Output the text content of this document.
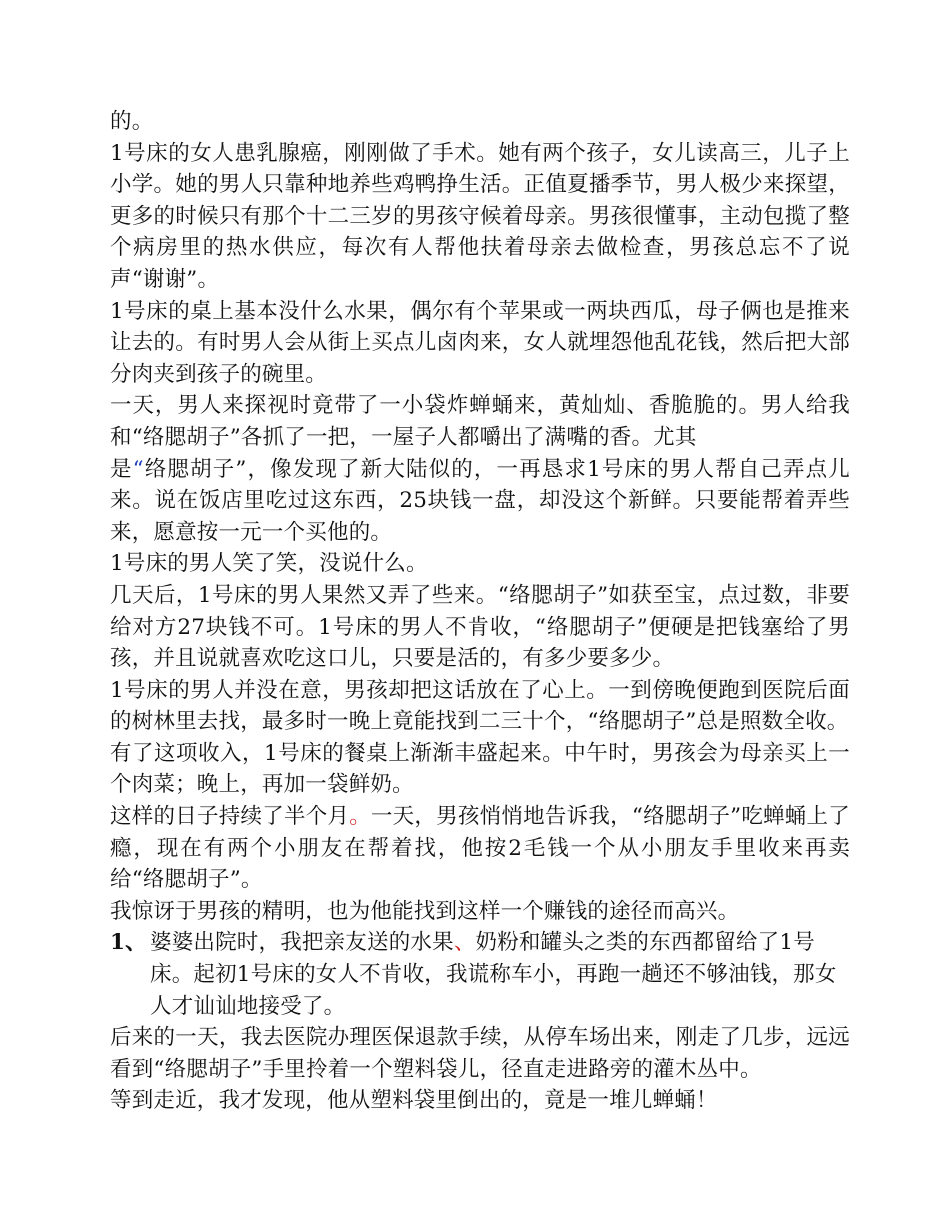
的。

1号床的女人患乳腺癌，刚刚做了手术。她有两个孩子，女儿读高三，儿子上小学。她的男人只靠种地养些鸡鸭挣生活。正值夏播季节，男人极少来探望，更多的时候只有那个十二三岁的男孩守候着母亲。男孩很懂事，主动包揽了整个病房里的热水供应，每次有人帮他扶着母亲去做检查，男孩总忘不了说声“谢谢”。

1号床的桌上基本没什么水果，偶尔有个苹果或一两块西瓜，母子俩也是推来让去的。有时男人会从街上买点儿卤肉来，女人就埋怨他乱花钱，然后把大部分肉夹到孩子的碗里。

一天，男人来探视时竟带了一小袋炸蝉蛹来，黄灿灿、香脆脆的。男人给我和“络腮胡子”各抓了一把，一屋子人都嚼出了满嘴的香。尤其
是“络腮胡子”，像发现了新大陆似的，一再恳求1号床的男人帮自己弄点儿来。说在饭店里吃过这东西，25块钱一盘，却没这个新鲜。只要能帮着弄些来，愿意按一元一个买他的。

1号床的男人笑了笑，没说什么。

几天后，1号床的男人果然又弄了些来。“络腮胡子”如获至宝，点过数，非要给对方27块钱不可。1号床的男人不肯收，“络腮胡子”便硬是把钱塞给了男孩，并且说就喜欢吃这口儿，只要是活的，有多少要多少。

1号床的男人并没在意，男孩却把这话放在了心上。一到傍晚便跑到医院后面的树林里去找，最多时一晚上竟能找到二三十个，“络腮胡子”总是照数全收。

有了这项收入，1号床的餐桌上渐渐丰盛起来。中午时，男孩会为母亲买上一个肉菜；晚上，再加一袋鲜奶。

这样的日子持续了半个月。一天，男孩悄悄地告诉我，“络腮胡子”吃蝉蛹上了瘾，现在有两个小朋友在帮着找，他按2毛钱一个从小朋友手里收来再卖给“络腮胡子”。

我惊讶于男孩的精明，也为他能找到这样一个赚钱的途径而高兴。

1、 婆婆出院时，我把亲友送的水果、奶粉和罐头之类的东西都留给了1号床。起初1号床的女人不肯收，我谎称车小，再跑一趟还不够油钱，那女人才讪讪地接受了。

后来的一天，我去医院办理医保退款手续，从停车场出来，刚走了几步，远远看到“络腮胡子”手里拎着一个塑料袋儿，径直走进路旁的灌木丛中。

等到走近，我才发现，他从塑料袋里倒出的，竟是一堆儿蝉蛹！
